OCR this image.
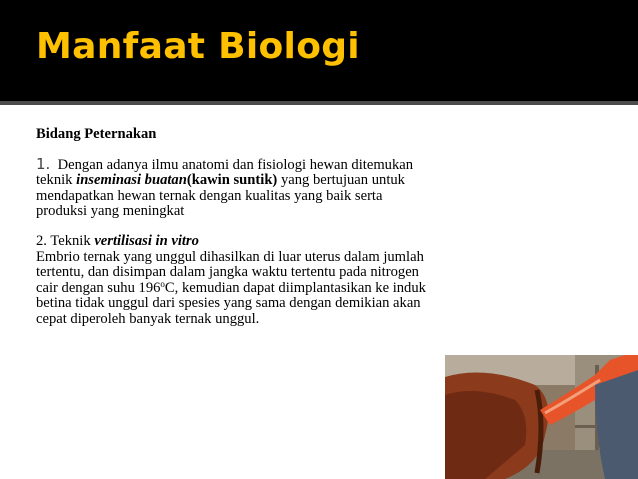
Manfaat Biologi

Bidang Peternakan

1. Dengan adanya ilmu anatomi dan fisiologi hewan ditemukan teknik inseminasi buatan(kawin suntik) yang bertujuan untuk mendapatkan hewan ternak dengan kualitas yang baik serta produksi yang meningkat

2. Teknik vertilisasi in vitro
Embrio ternak yang unggul dihasilkan di luar uterus dalam jumlah tertentu, dan disimpan dalam jangka waktu tertentu pada nitrogen cair dengan suhu 196$^o$C, kemudian dapat diimplantasikan ke induk betina tidak unggul dari spesies yang sama dengan demikian akan cepat diperoleh banyak ternak unggul.
